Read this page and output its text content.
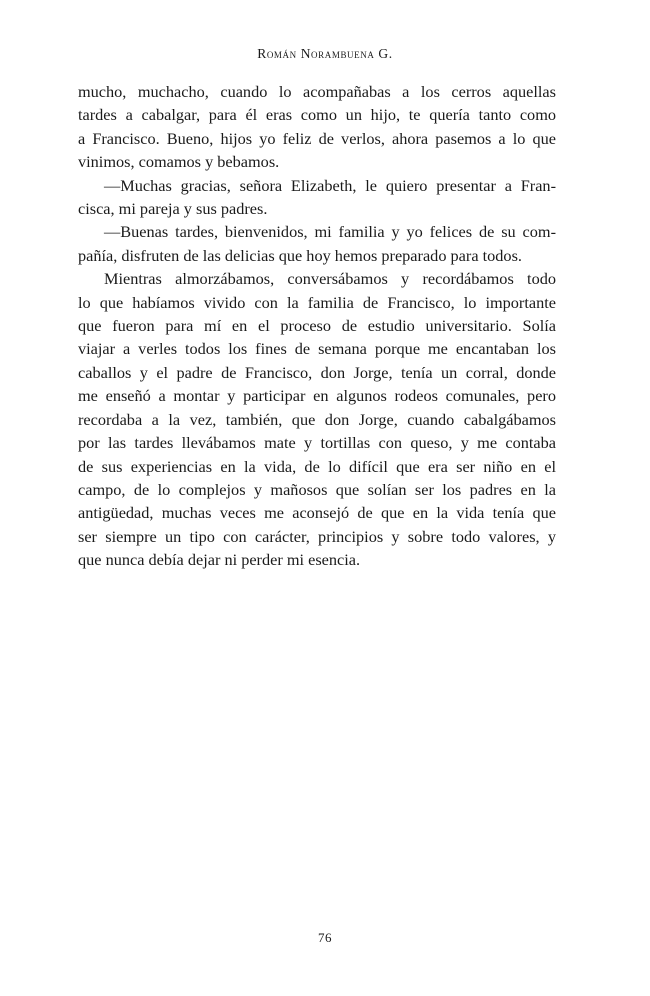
Román Norambuena G.
mucho, muchacho, cuando lo acompañabas a los cerros aquellas
tardes a cabalgar, para él eras como un hijo, te quería tanto como
a Francisco. Bueno, hijos yo feliz de verlos, ahora pasemos a lo que
vinimos, comamos y bebamos.
—Muchas gracias, señora Elizabeth, le quiero presentar a Fran-
cisca, mi pareja y sus padres.
—Buenas tardes, bienvenidos, mi familia y yo felices de su com-
pañía, disfruten de las delicias que hoy hemos preparado para todos.
Mientras almorzábamos, conversábamos y recordábamos todo
lo que habíamos vivido con la familia de Francisco, lo importante
que fueron para mí en el proceso de estudio universitario. Solía
viajar a verles todos los fines de semana porque me encantaban los
caballos y el padre de Francisco, don Jorge, tenía un corral, donde
me enseñó a montar y participar en algunos rodeos comunales, pero
recordaba a la vez, también, que don Jorge, cuando cabalgábamos
por las tardes llevábamos mate y tortillas con queso, y me contaba
de sus experiencias en la vida, de lo difícil que era ser niño en el
campo, de lo complejos y mañosos que solían ser los padres en la
antigüedad, muchas veces me aconsejó de que en la vida tenía que
ser siempre un tipo con carácter, principios y sobre todo valores, y
que nunca debía dejar ni perder mi esencia.
76
